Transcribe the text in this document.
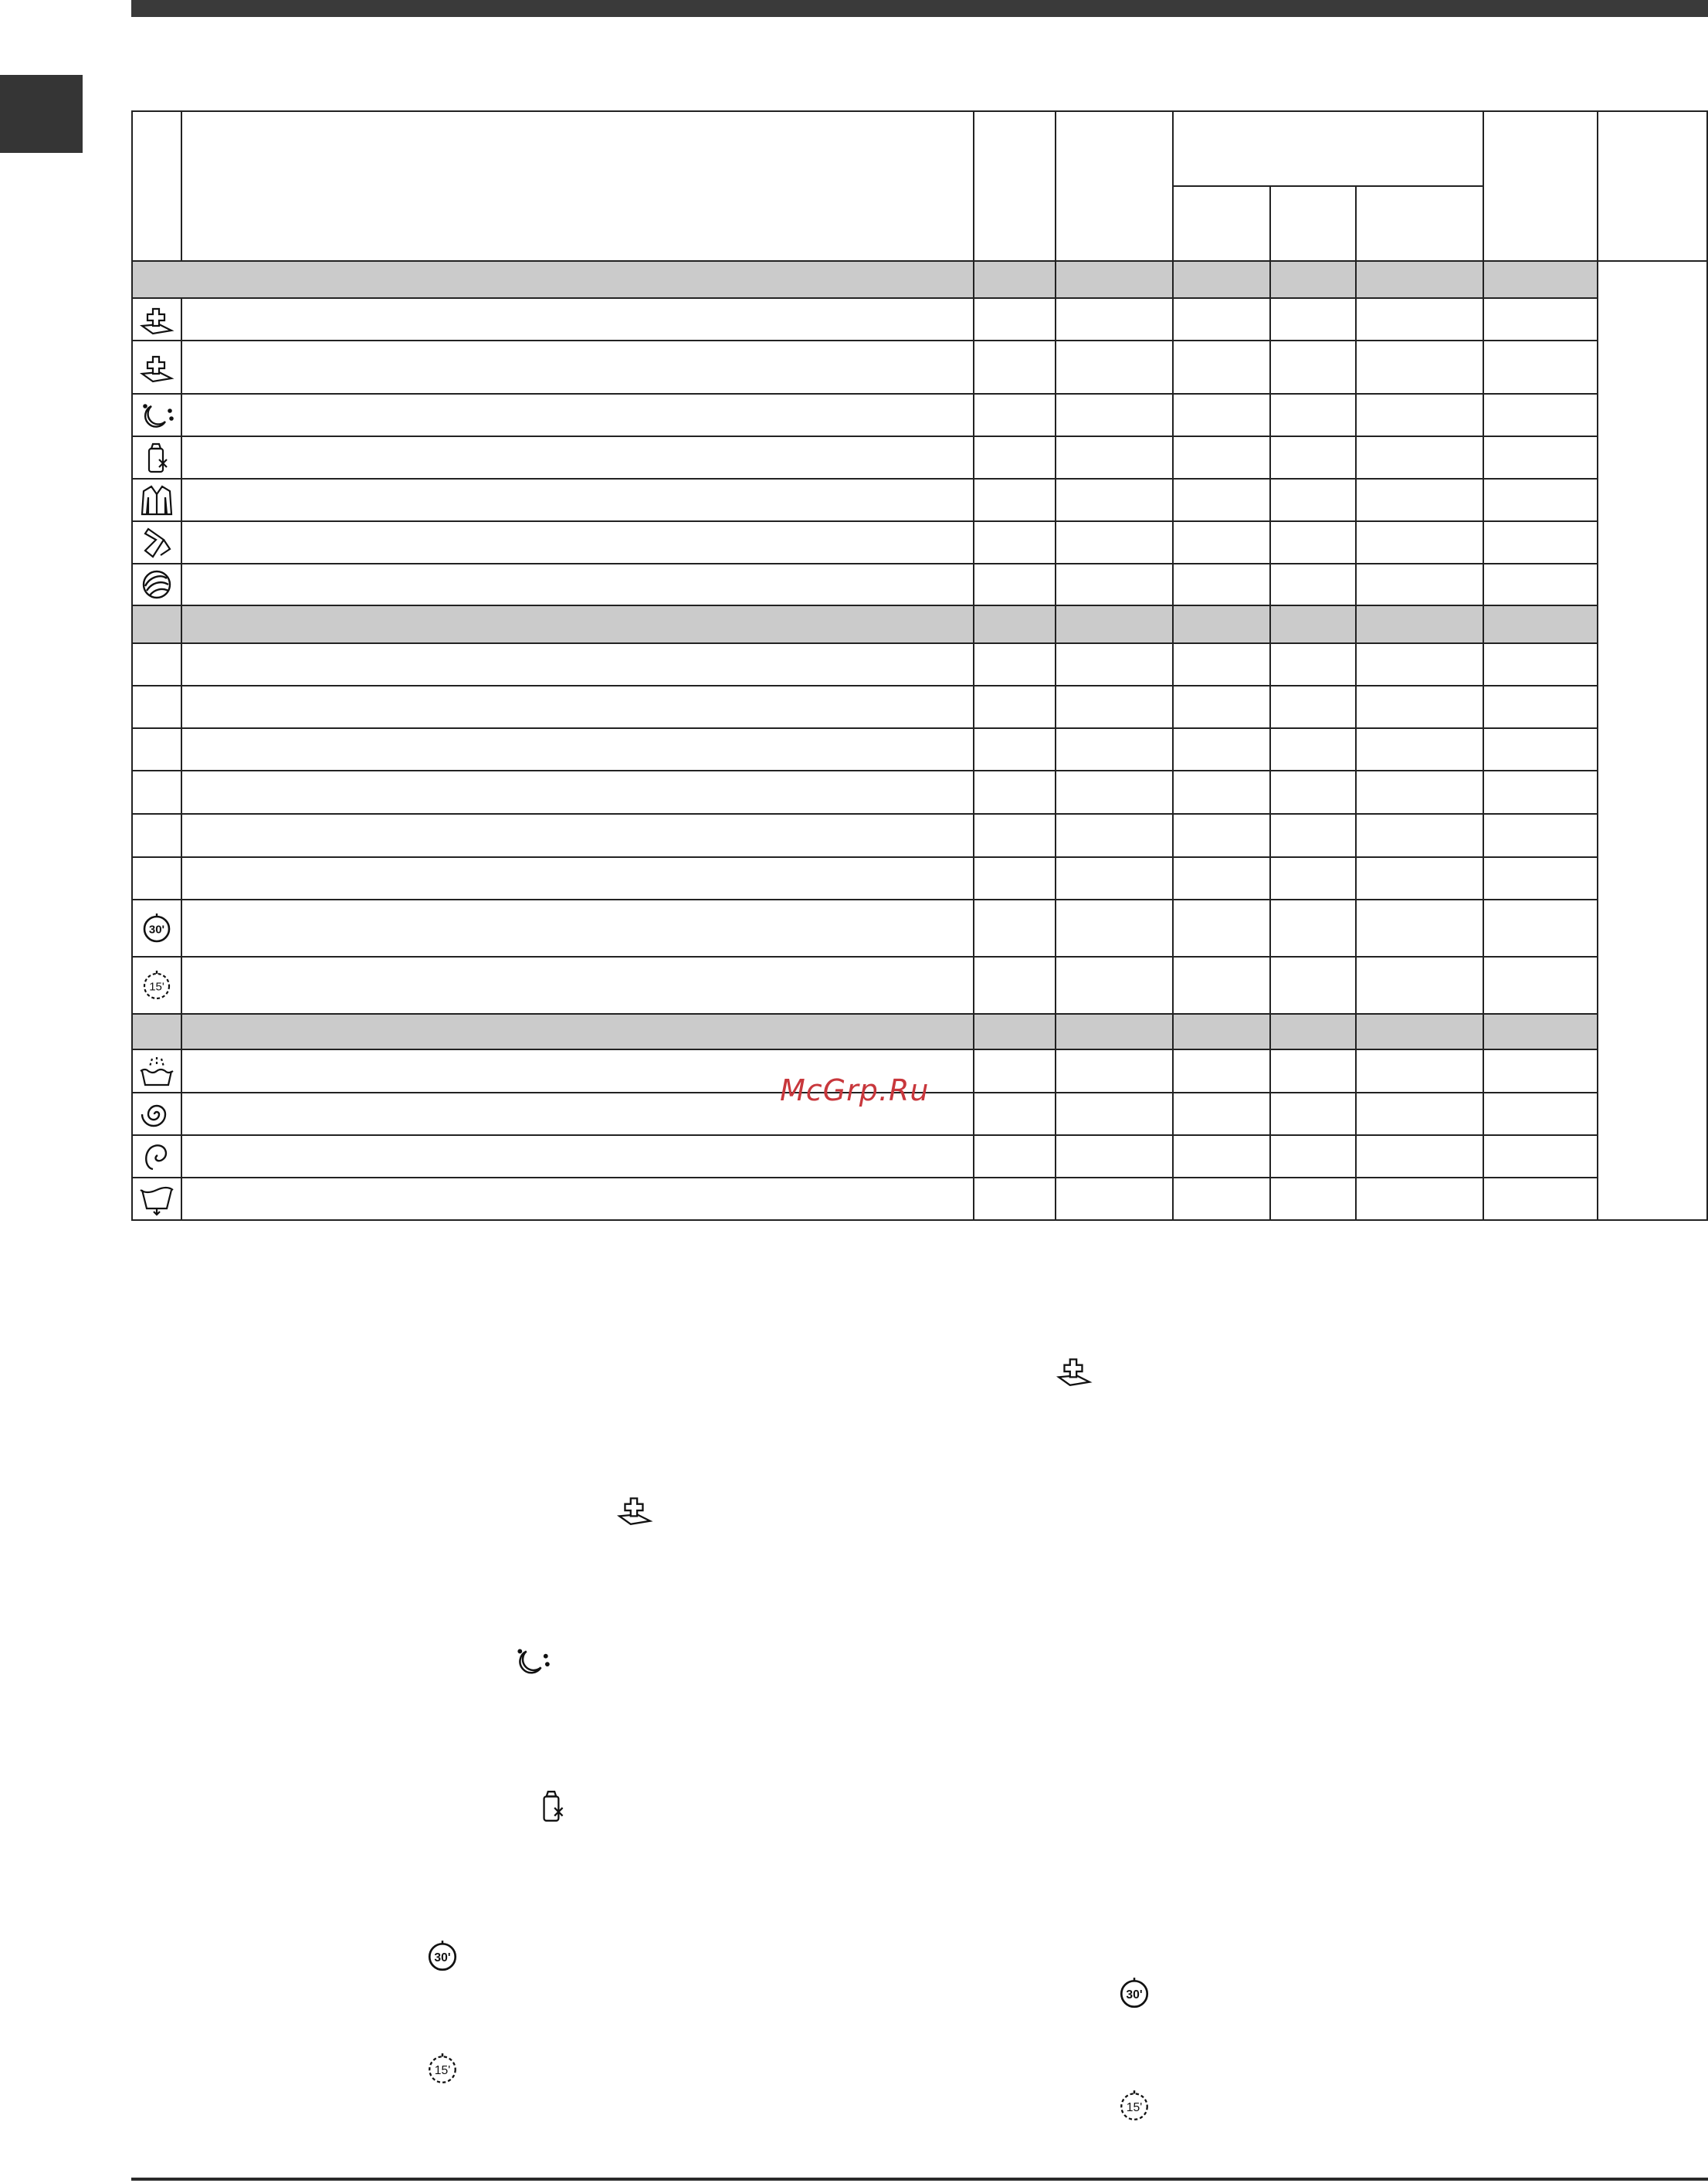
30'
15'
McGrp.Ru
30'
15'
30'
15'
